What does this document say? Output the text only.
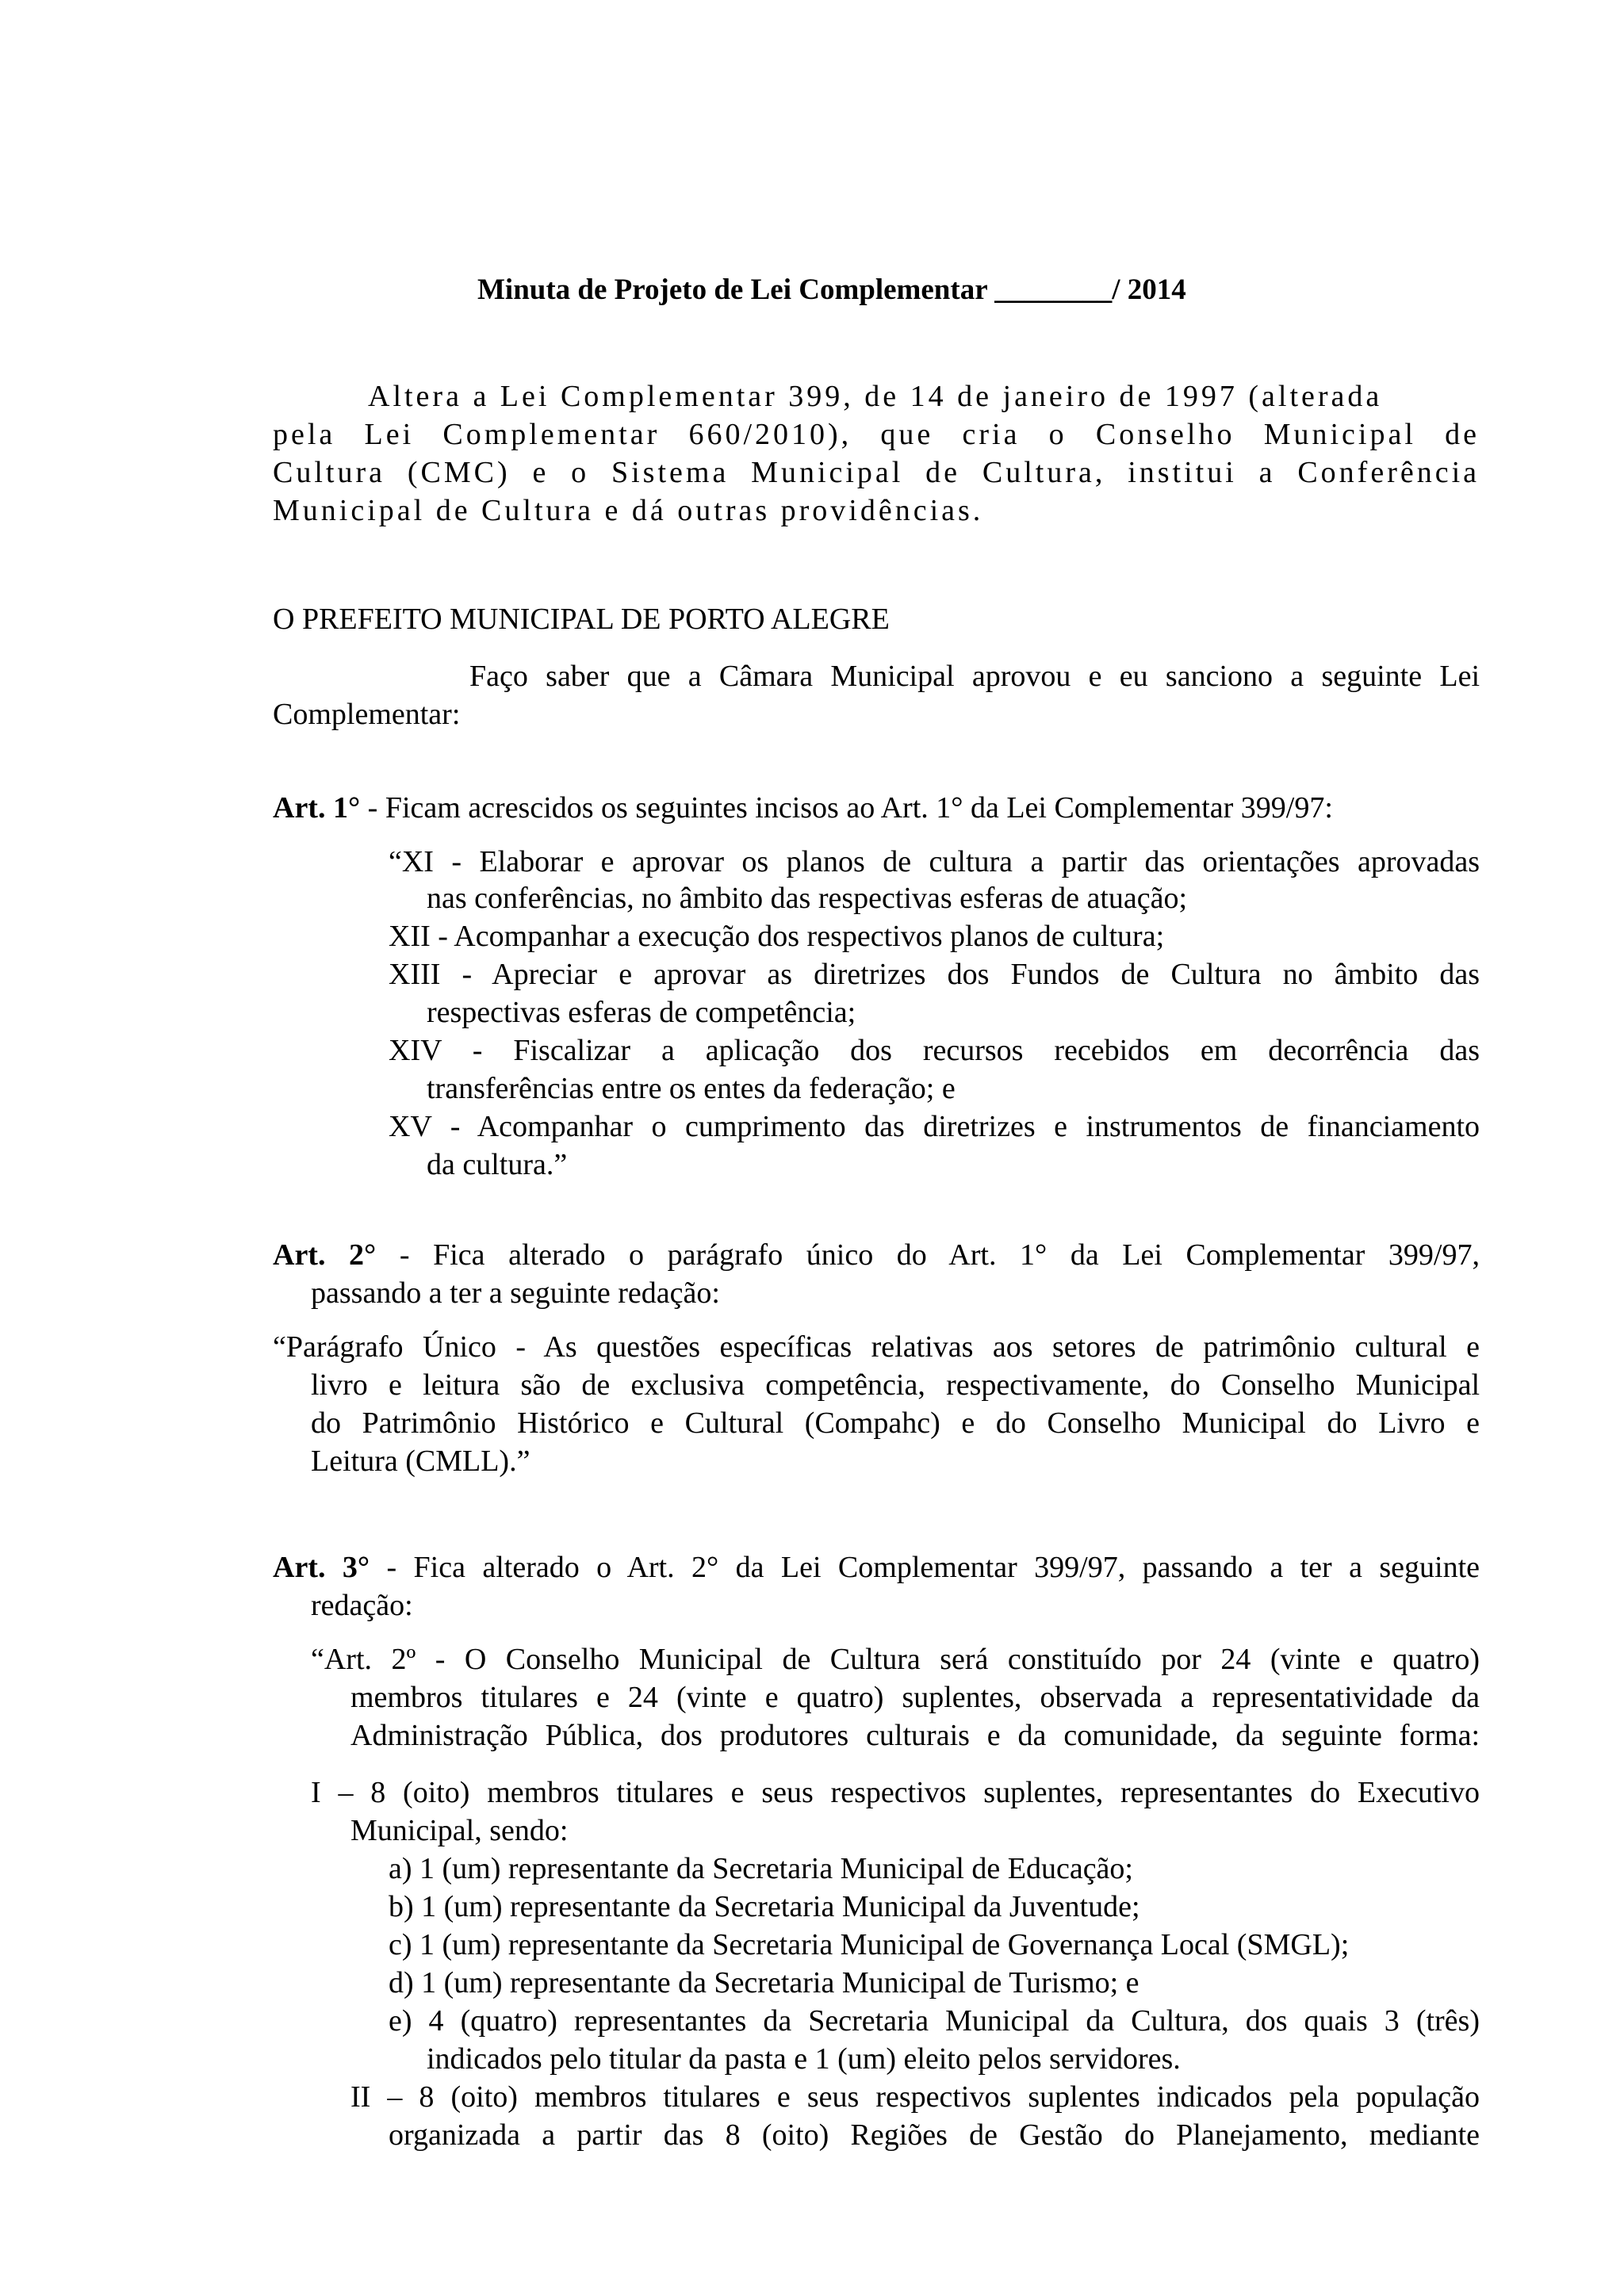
Minuta de Projeto de Lei Complementar ________/ 2014

Altera a Lei Complementar 399, de 14 de janeiro de 1997 (alterada

pela Lei Complementar 660/2010), que cria o Conselho Municipal de

Cultura (CMC) e o Sistema Municipal de Cultura, institui a Conferência

Municipal de Cultura e dá outras providências.

O PREFEITO MUNICIPAL DE PORTO ALEGRE

Faço saber que a Câmara Municipal aprovou e eu sanciono a seguinte Lei

Complementar:

Art. 1° - Ficam acrescidos os seguintes incisos ao Art. 1° da Lei Complementar 399/97:

“XI - Elaborar e aprovar os planos de cultura a partir das orientações aprovadas

nas conferências, no âmbito das respectivas esferas de atuação;

XII - Acompanhar a execução dos respectivos planos de cultura;

XIII - Apreciar e aprovar as diretrizes dos Fundos de Cultura no âmbito das

respectivas esferas de competência;

XIV - Fiscalizar a aplicação dos recursos recebidos em decorrência das

transferências entre os entes da federação; e

XV - Acompanhar o cumprimento das diretrizes e instrumentos de financiamento

da cultura.”

Art. 2° - Fica alterado o parágrafo único do Art. 1° da Lei Complementar 399/97,

passando a ter a seguinte redação:

“Parágrafo Único - As questões específicas relativas aos setores de patrimônio cultural e

livro e leitura são de exclusiva competência, respectivamente, do Conselho Municipal

do Patrimônio Histórico e Cultural (Compahc) e do Conselho Municipal do Livro e

Leitura (CMLL).”

Art. 3° - Fica alterado o Art. 2° da Lei Complementar 399/97, passando a ter a seguinte

redação:

“Art. 2º - O Conselho Municipal de Cultura será constituído por 24 (vinte e quatro)

membros titulares e 24 (vinte e quatro) suplentes, observada a representatividade da

Administração Pública, dos produtores culturais e da comunidade, da seguinte forma:

I – 8 (oito) membros titulares e seus respectivos suplentes, representantes do Executivo

Municipal, sendo:

a) 1 (um) representante da Secretaria Municipal de Educação;

b) 1 (um) representante da Secretaria Municipal da Juventude;

c) 1 (um) representante da Secretaria Municipal de Governança Local (SMGL);

d) 1 (um) representante da Secretaria Municipal de Turismo; e

e) 4 (quatro) representantes da Secretaria Municipal da Cultura, dos quais 3 (três)

indicados pelo titular da pasta e 1 (um) eleito pelos servidores.

II – 8 (oito) membros titulares e seus respectivos suplentes indicados pela população

organizada a partir das 8 (oito) Regiões de Gestão do Planejamento, mediante
